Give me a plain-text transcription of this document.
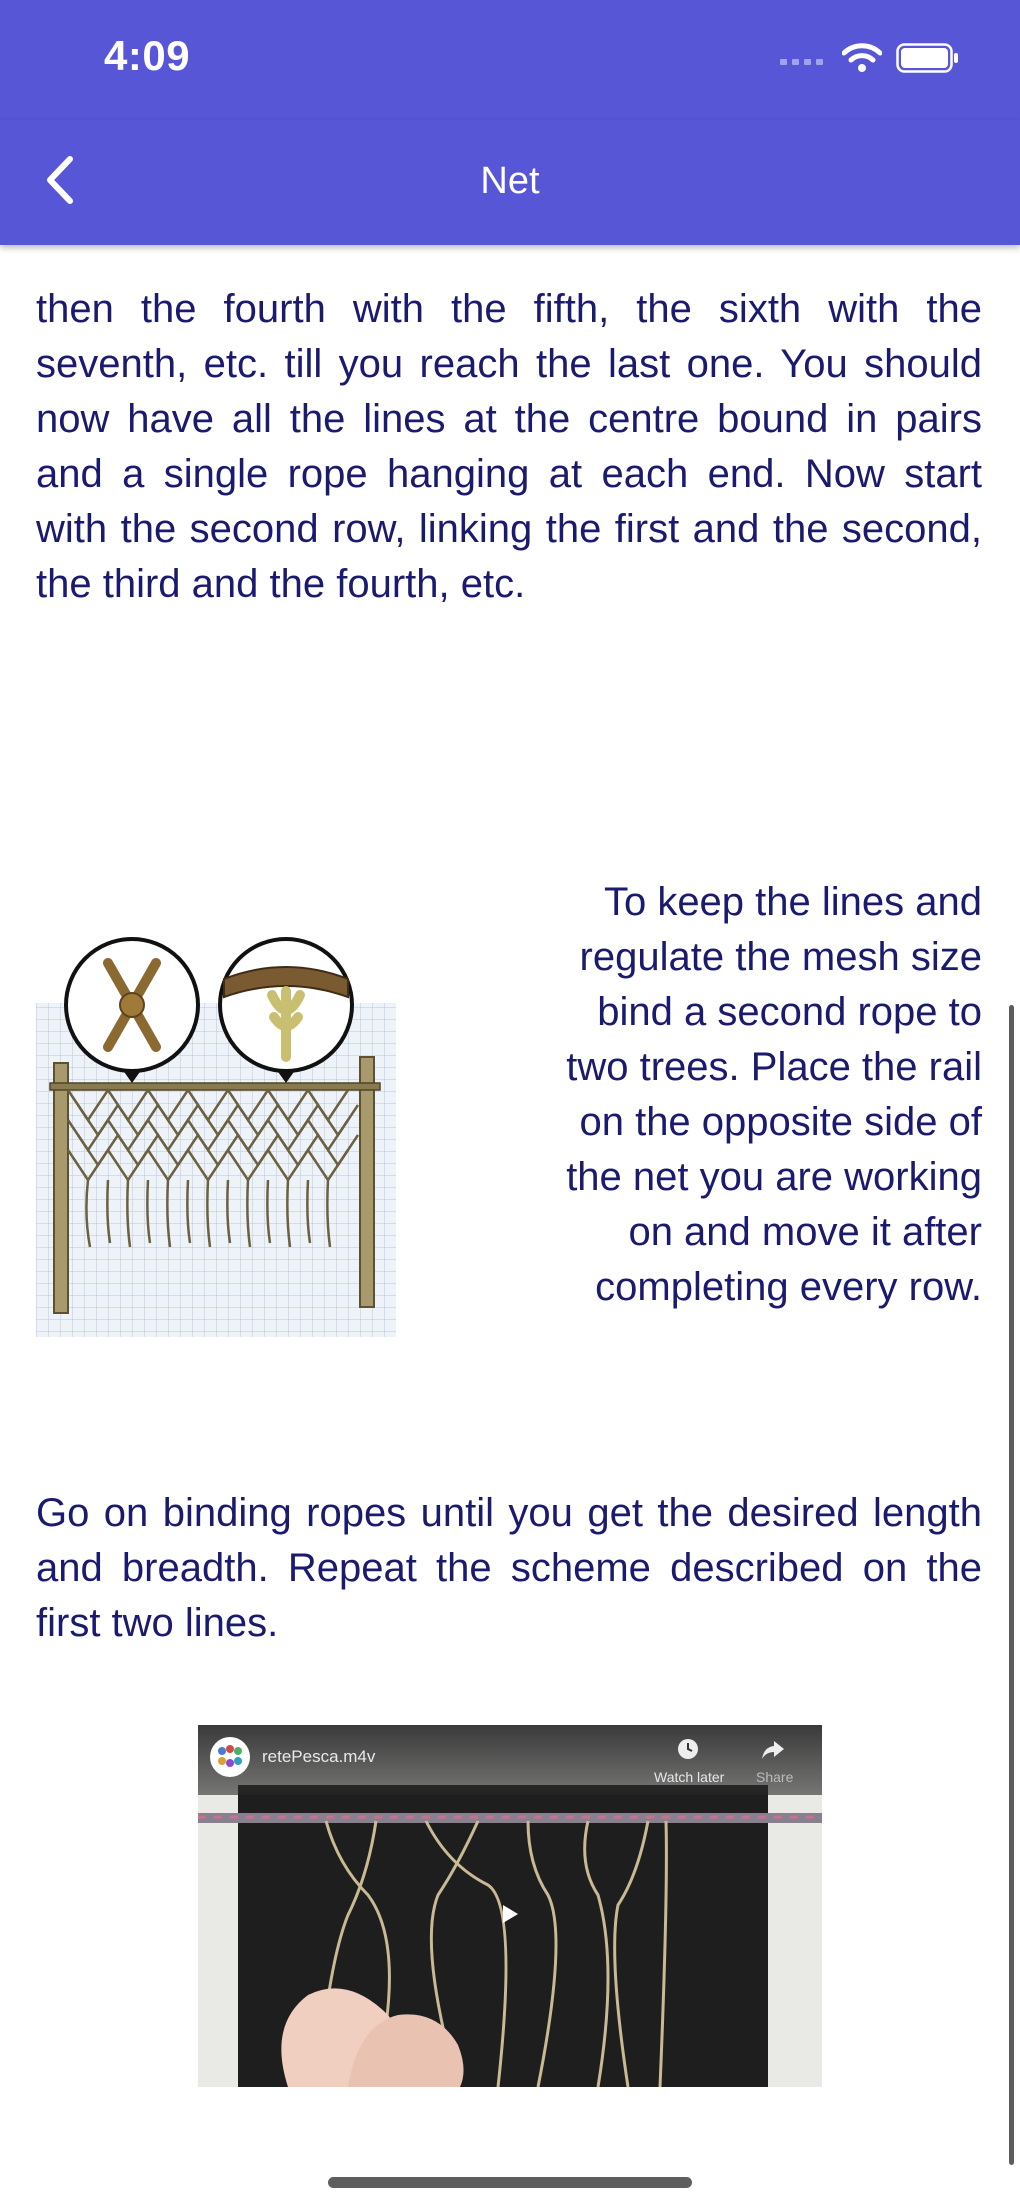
4:09
Net

then the fourth with the fifth, the sixth with the seventh, etc. till you reach the last one. You should now have all the lines at the centre bound in pairs and a single rope hanging at each end. Now start with the second row, linking the first and the second, the third and the fourth, etc.

To keep the lines and regulate the mesh size bind a second rope to two trees. Place the rail on the opposite side of the net you are working on and move it after completing every row.

Go on binding ropes until you get the desired length and breadth. Repeat the scheme described on the first two lines.

retePesca.m4v
Watch later Share
